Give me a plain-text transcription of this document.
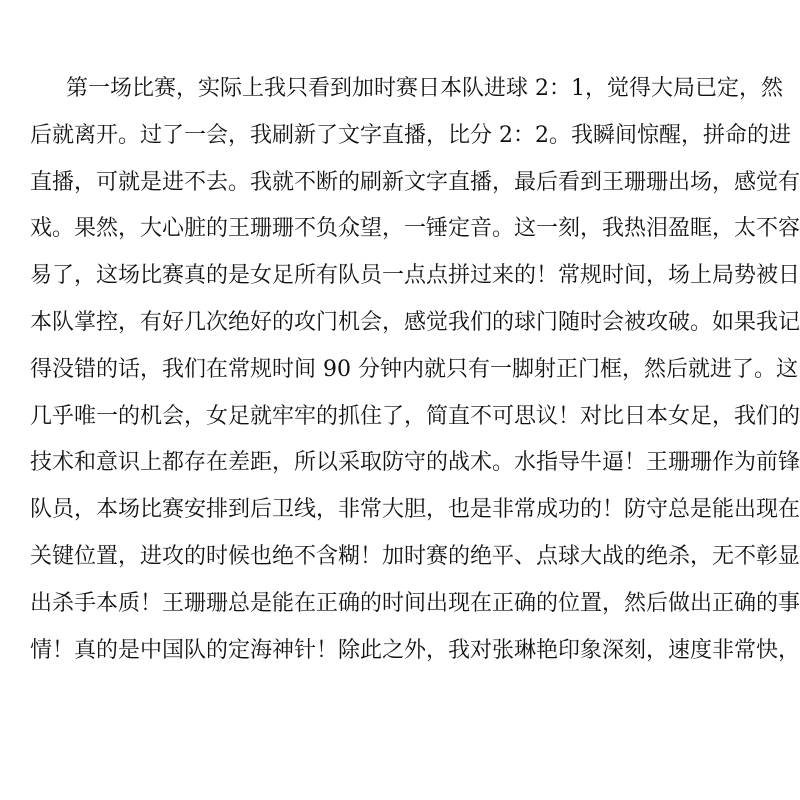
第一场比赛，实际上我只看到加时赛日本队进球 2：1，觉得大局已定，然
后就离开。过了一会，我刷新了文字直播，比分 2：2。我瞬间惊醒，拼命的进
直播，可就是进不去。我就不断的刷新文字直播，最后看到王珊珊出场，感觉有
戏。果然，大心脏的王珊珊不负众望，一锤定音。这一刻，我热泪盈眶，太不容
易了，这场比赛真的是女足所有队员一点点拼过来的！常规时间，场上局势被日
本队掌控，有好几次绝好的攻门机会，感觉我们的球门随时会被攻破。如果我记
得没错的话，我们在常规时间 90 分钟内就只有一脚射正门框，然后就进了。这
几乎唯一的机会，女足就牢牢的抓住了，简直不可思议！对比日本女足，我们的
技术和意识上都存在差距，所以采取防守的战术。水指导牛逼！王珊珊作为前锋
队员，本场比赛安排到后卫线，非常大胆，也是非常成功的！防守总是能出现在
关键位置，进攻的时候也绝不含糊！加时赛的绝平、点球大战的绝杀，无不彰显
出杀手本质！王珊珊总是能在正确的时间出现在正确的位置，然后做出正确的事
情！真的是中国队的定海神针！除此之外，我对张琳艳印象深刻，速度非常快，
